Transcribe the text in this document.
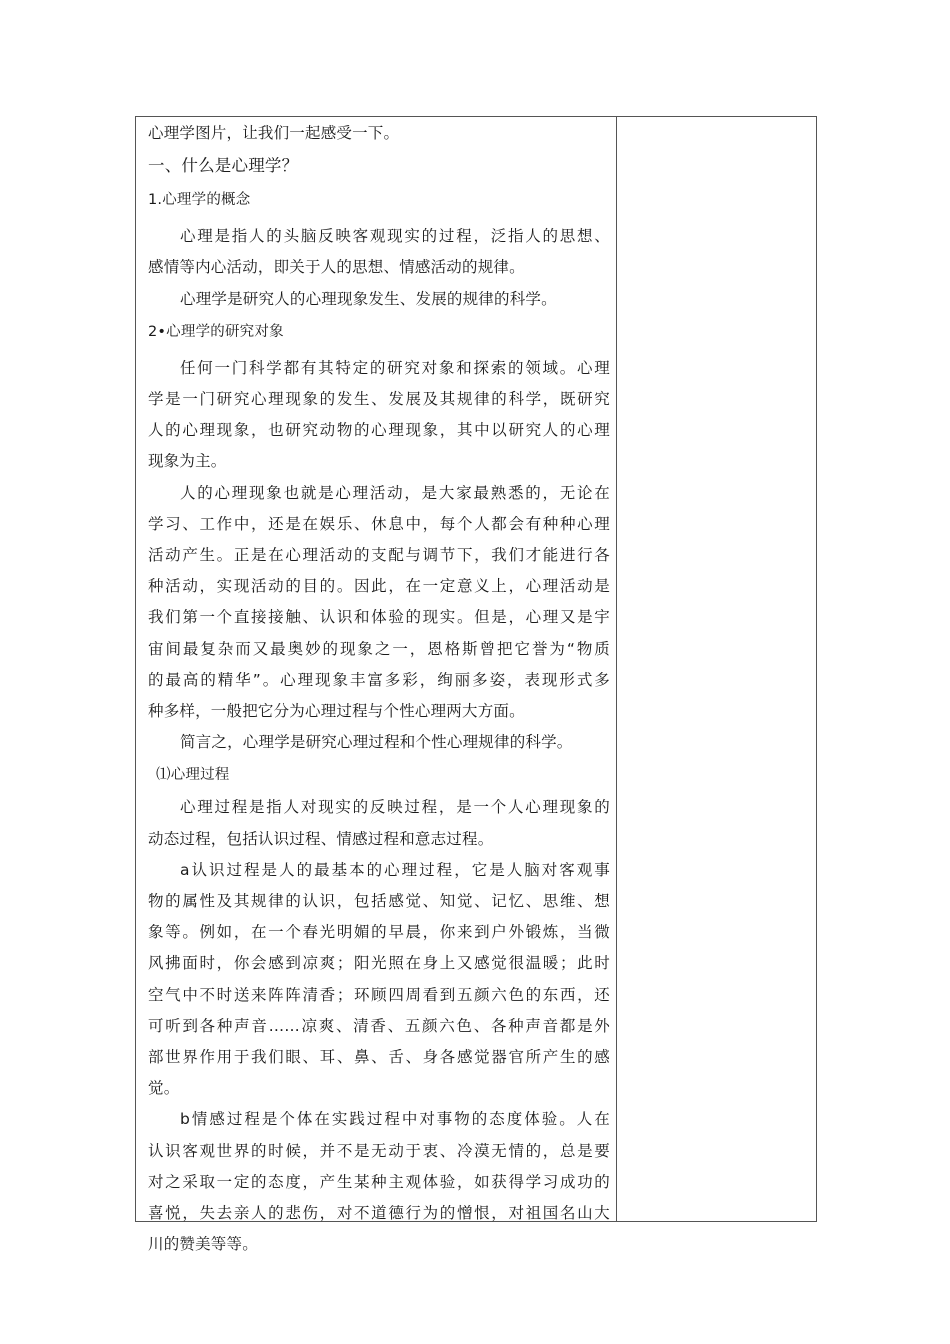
心理学图片，让我们一起感受一下。
一、什么是心理学？
1.心理学的概念
心理是指人的头脑反映客观现实的过程，泛指人的思想、
感情等内心活动，即关于人的思想、情感活动的规律。
心理学是研究人的心理现象发生、发展的规律的科学。
2•心理学的研究对象
任何一门科学都有其特定的研究对象和探索的领域。心理
学是一门研究心理现象的发生、发展及其规律的科学，既研究
人的心理现象，也研究动物的心理现象，其中以研究人的心理
现象为主。
人的心理现象也就是心理活动，是大家最熟悉的，无论在
学习、工作中，还是在娱乐、休息中，每个人都会有种种心理
活动产生。正是在心理活动的支配与调节下，我们才能进行各
种活动，实现活动的目的。因此，在一定意义上，心理活动是
我们第一个直接接触、认识和体验的现实。但是，心理又是宇
宙间最复杂而又最奥妙的现象之一，恩格斯曾把它誉为“物质
的最高的精华”。心理现象丰富多彩，绚丽多姿，表现形式多
种多样，一般把它分为心理过程与个性心理两大方面。
简言之，心理学是研究心理过程和个性心理规律的科学。
⑴心理过程
心理过程是指人对现实的反映过程，是一个人心理现象的
动态过程，包括认识过程、情感过程和意志过程。
a认识过程是人的最基本的心理过程，它是人脑对客观事
物的属性及其规律的认识，包括感觉、知觉、记忆、思维、想
象等。例如，在一个春光明媚的早晨，你来到户外锻炼，当微
风拂面时，你会感到凉爽；阳光照在身上又感觉很温暖；此时
空气中不时送来阵阵清香；环顾四周看到五颜六色的东西，还
可听到各种声音……凉爽、清香、五颜六色、各种声音都是外
部世界作用于我们眼、耳、鼻、舌、身各感觉器官所产生的感
觉。
b情感过程是个体在实践过程中对事物的态度体验。人在
认识客观世界的时候，并不是无动于衷、冷漠无情的，总是要
对之采取一定的态度，产生某种主观体验，如获得学习成功的
喜悦，失去亲人的悲伤，对不道德行为的憎恨，对祖国名山大
川的赞美等等。
